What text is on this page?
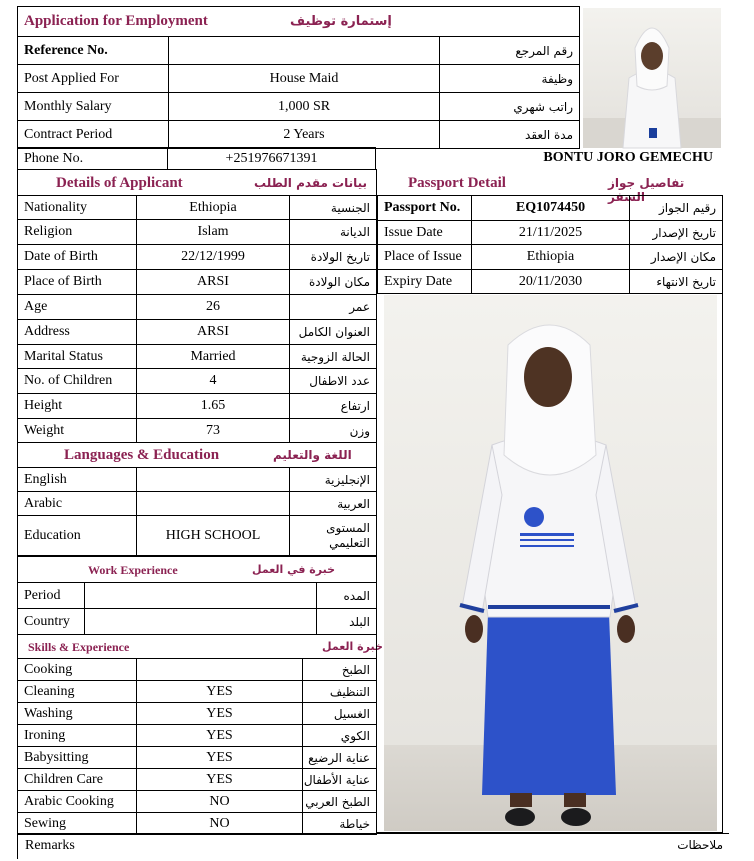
Application for Employment إستمارة توظيف		

Reference No.		رقم المرجع
Post Applied For	House Maid	وظيفة
Monthly Salary	1,000 SR	راتب شهري
Contract Period	2 Years	مدة العقد
Phone No.	+251976671391	BONTU JORO GEMECHU
Details of Applicant بيانات مقدم الطلب		

Nationality	Ethiopia	الجنسية
Religion	Islam	الديانة
Date of Birth	22/12/1999	تاريخ الولادة
Place of Birth	ARSI	مكان الولادة
Age	26	عمر
Address	ARSI	العنوان الكامل
Marital Status	Married	الحالة الزوجية
No. of Children	4	عدد الاطفال
Height	1.65	ارتفاع
Weight	73	وزن

Languages & Education اللغة والتعليم		

English		الإنجليزية
Arabic		العربية
Education	HIGH SCHOOL	المستوى التعليمي
Work Experience خبرة في العمل		

Period		المده
Country		البلد
Skills & Experience خبرة العمل		

Cooking		الطبخ
Cleaning	YES	التنظيف
Washing	YES	الغسيل
Ironing	YES	الكوي
Babysitting	YES	عناية الرضيع
Children Care	YES	عناية الأطفال
Arabic Cooking	NO	الطبخ العربي
Sewing	NO	خياطة
Passport Detail	تفاصيل جواز السفر
Passport No.	EQ1074450	رقيم الجواز
Issue Date	21/11/2025	تاريخ الإصدار
Place of Issue	Ethiopia	مكان الإصدار
Expiry Date	20/11/2030	تاريخ الانتهاء
Remarks	ملاحظات
